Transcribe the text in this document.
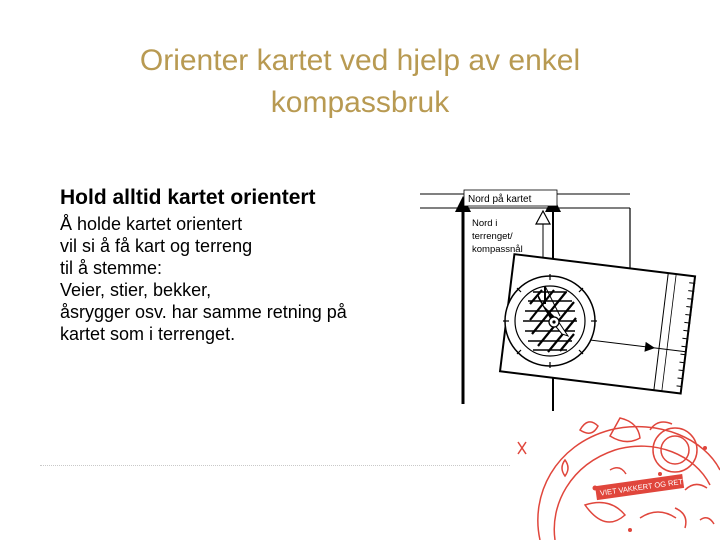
Orienter kartet ved hjelp av enkel
kompassbruk
Hold alltid kartet orientert
Å holde kartet orientert
vil si å få kart og terreng
til å stemme:
Veier, stier, bekker,
åsrygger osv. har samme retning på
kartet som i terrenget.
Nord på kartet
Nord i
terrenget/
kompassnål
VIET VAKKERT OG RETT
